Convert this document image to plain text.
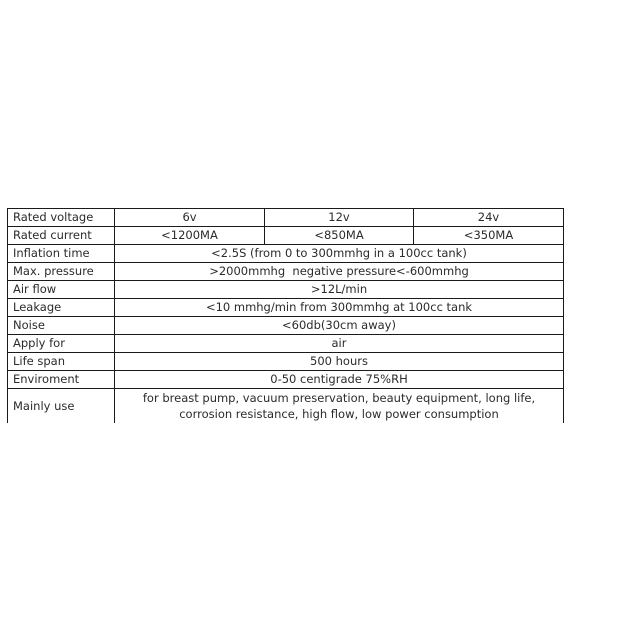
Rated voltage	6v	12v	24v
Rated current	<1200MA	<850MA	<350MA
Inflation time	<2.5S (from 0 to 300mmhg in a 100cc tank)		
Max. pressure	>2000mmhg  negative pressure<-600mmhg		
Air flow	>12L/min		
Leakage	<10 mmhg/min from 300mmhg at 100cc tank		
Noise	<60db(30cm away)		
Apply for	air		
Life span	500 hours		
Enviroment	0-50 centigrade 75%RH		
Mainly use	for breast pump, vacuum preservation, beauty equipment, long life,
corrosion resistance, high flow, low power consumption		
